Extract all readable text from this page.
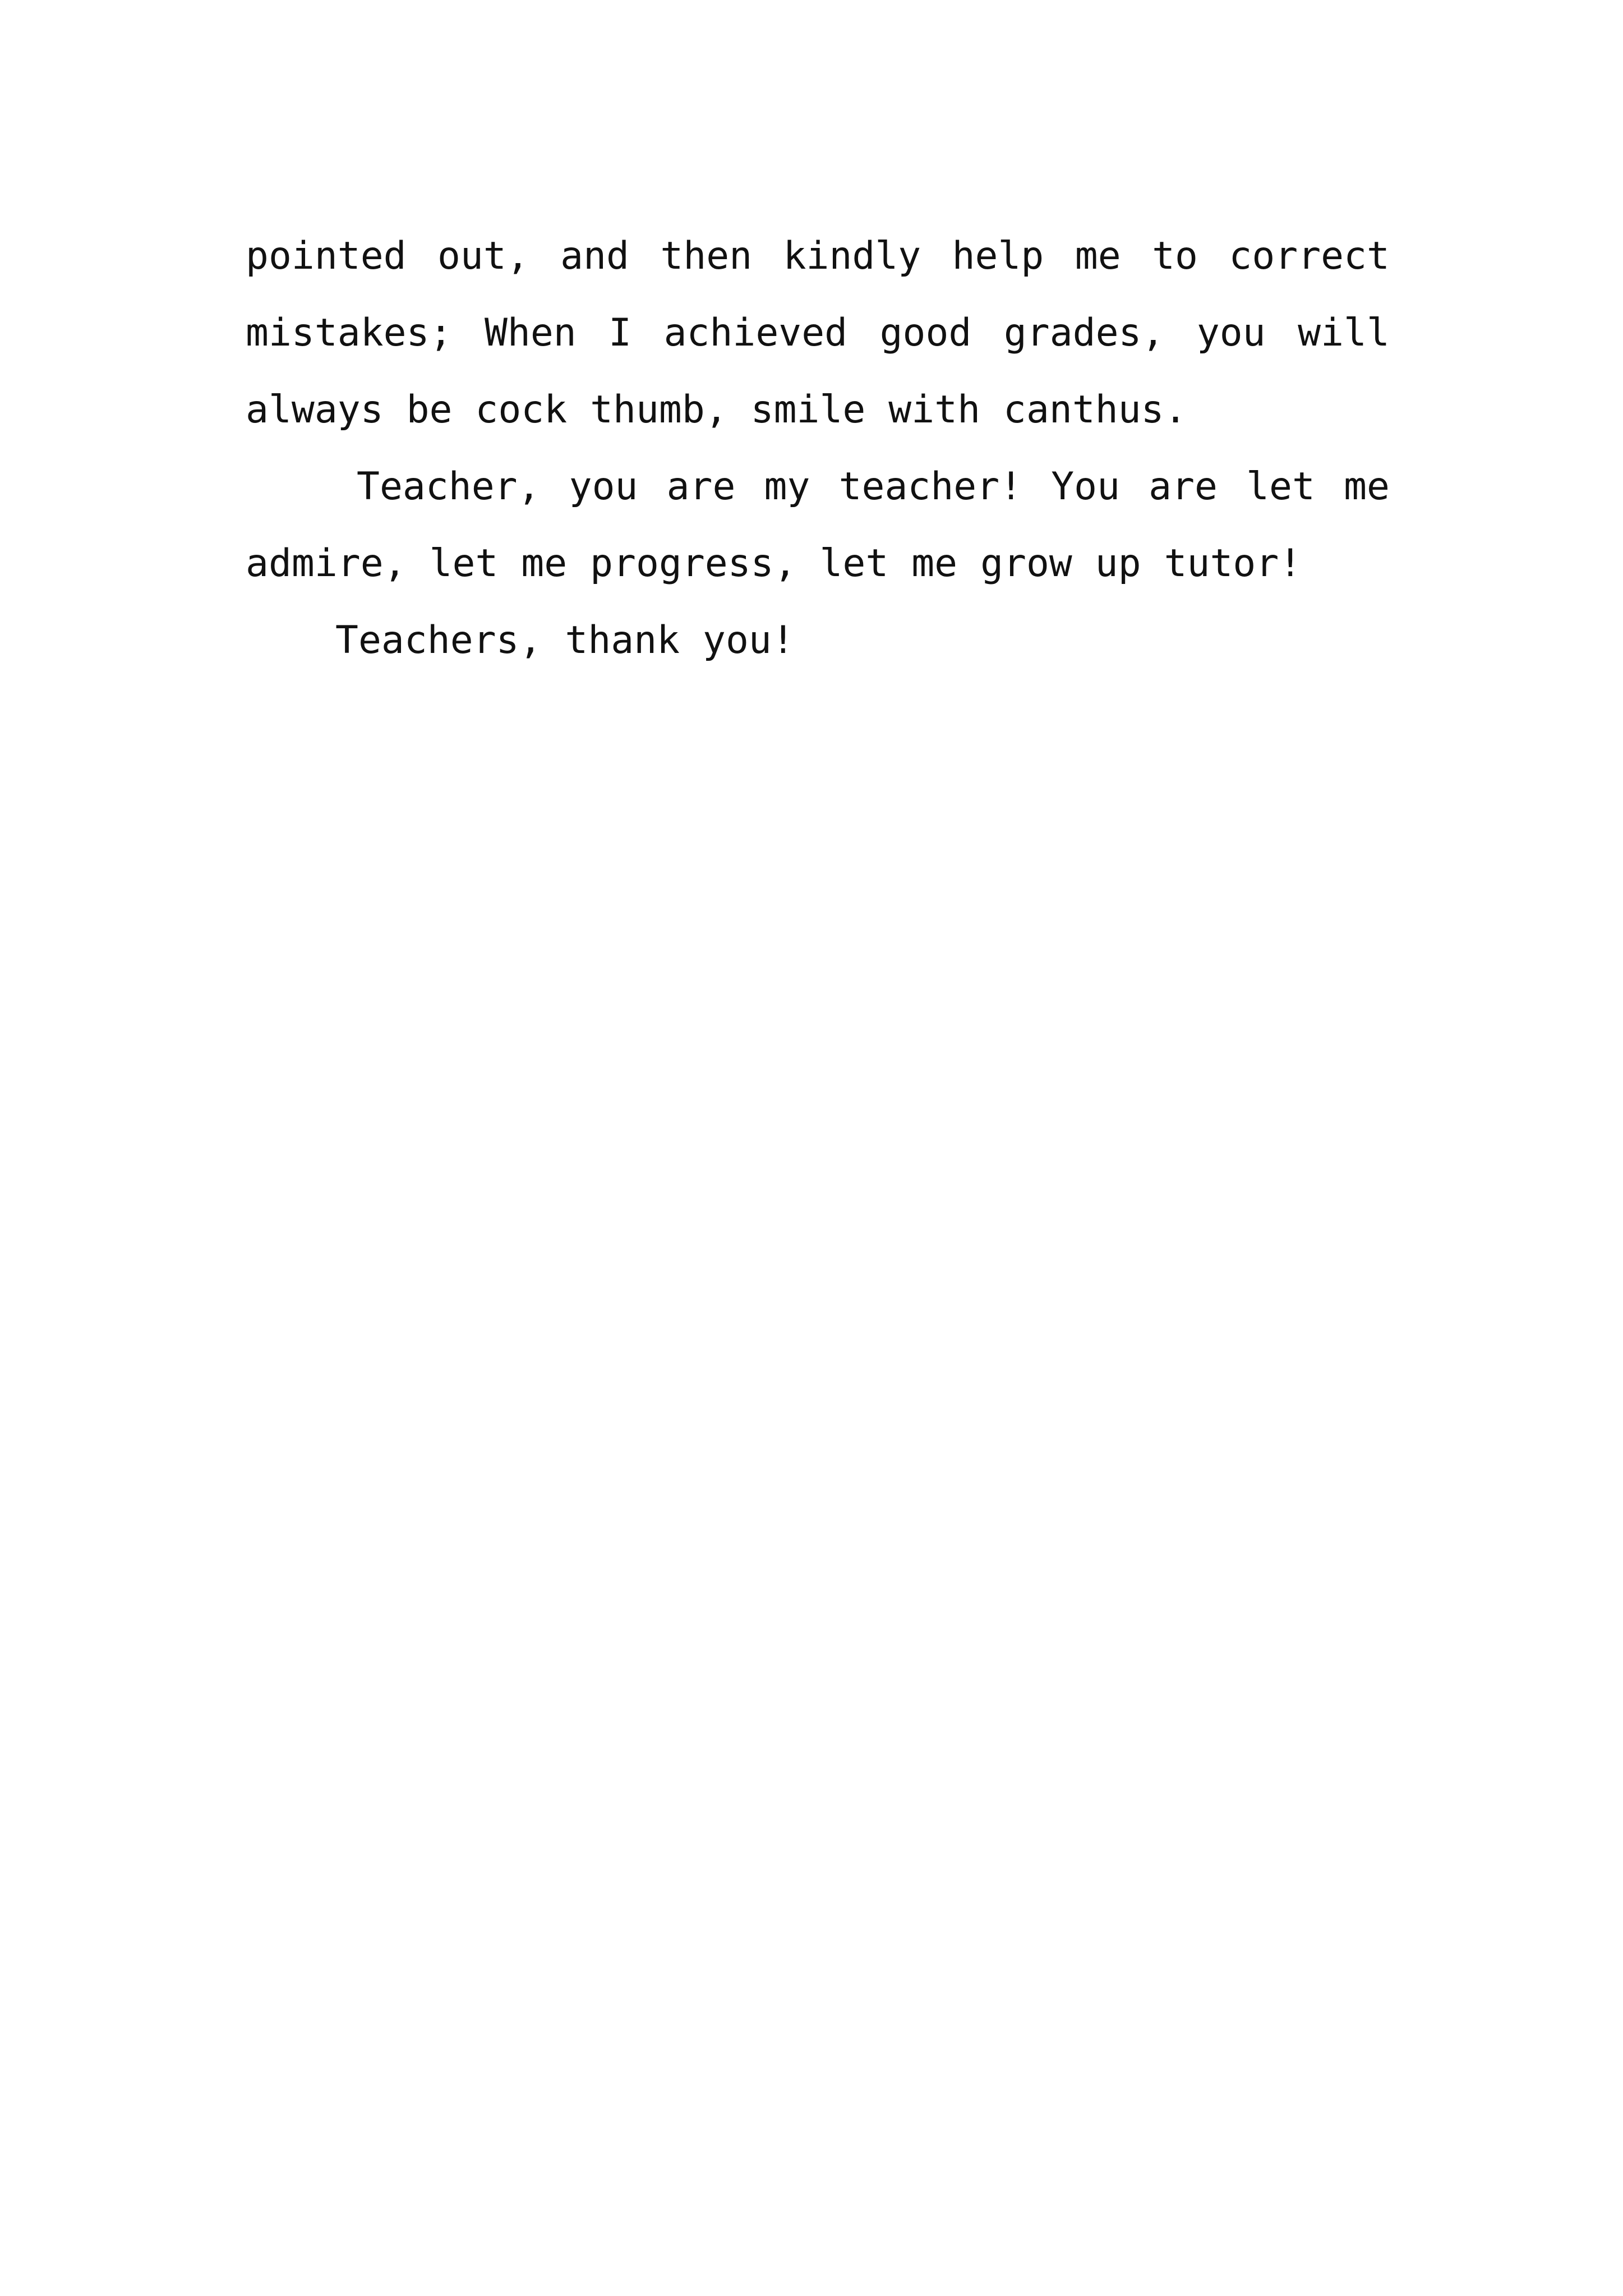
pointed out, and then kindly help me to correct
mistakes; When I achieved good grades, you will
always be cock thumb, smile with canthus.
Teacher, you are my teacher! You are let me
admire, let me progress, let me grow up tutor!
Teachers, thank you!
